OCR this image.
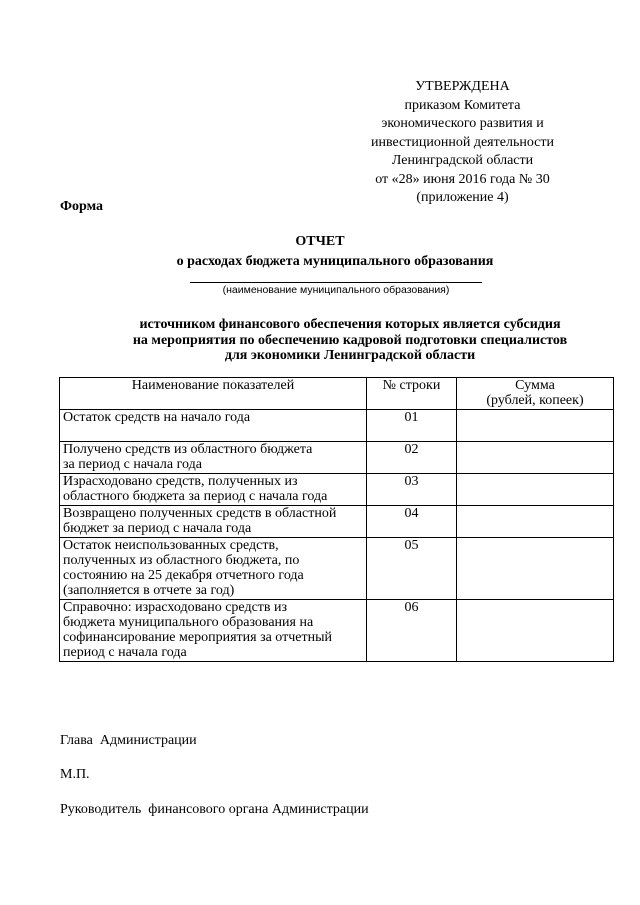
УТВЕРЖДЕНА
приказом Комитета
экономического развития и
инвестиционной деятельности
Ленинградской области
от «28» июня 2016 года № 30
(приложение 4)
Форма
ОТЧЕТ
о расходах бюджета муниципального образования
(наименование муниципального образования)
источником финансового обеспечения которых является субсидия
на мероприятия по обеспечению кадровой подготовки специалистов
для экономики Ленинградской области
Наименование показателей	№ строки	Сумма
(рублей, копеек)

Остаток средств на начало года	01	

Получено средств из областного бюджета
за период с начала года	02	

Израсходовано средств, полученных из
областного бюджета за период с начала года	03	

Возвращено полученных средств в областной
бюджет за период с начала года	04	

Остаток неиспользованных средств,
полученных из областного бюджета, по
состоянию на 25 декабря отчетного года
(заполняется в отчете за год)	05	

Справочно: израсходовано средств из
бюджета муниципального образования на
софинансирование мероприятия за отчетный
период с начала года	06	
Глава  Администрации
М.П.
Руководитель  финансового органа Администрации
